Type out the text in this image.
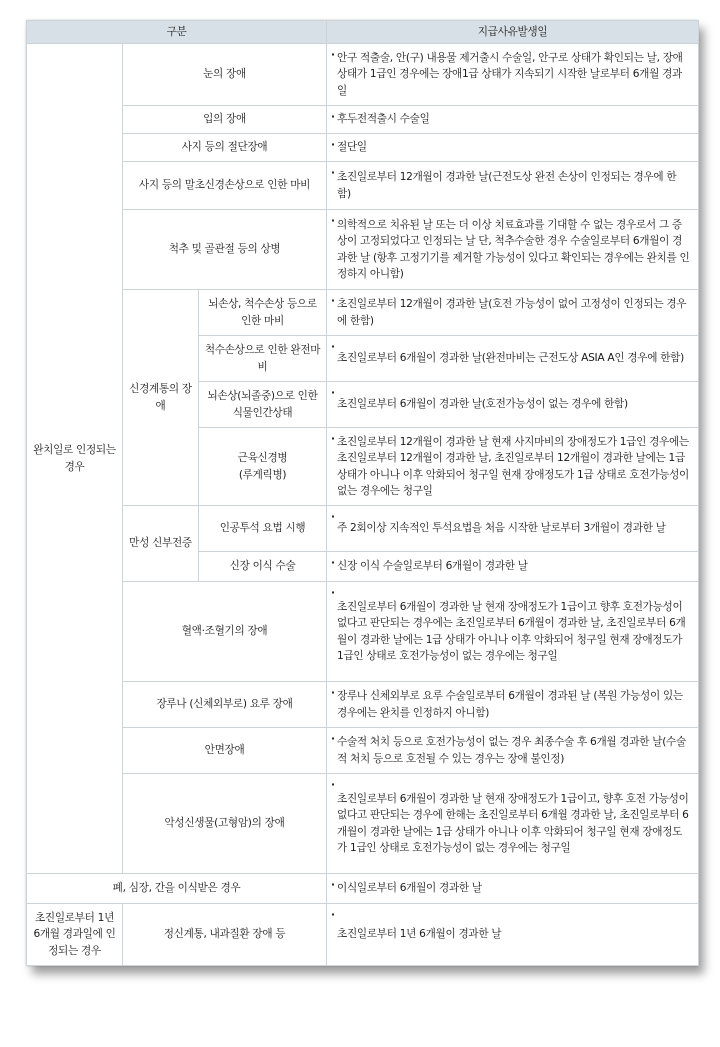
구분			지급사유발생일
완치일로 인정되는 경우	눈의 장애		· 안구 적출술, 안(구) 내용물 제거출시 수술일, 안구로 상태가 확인되는 날, 장애상태가 1급인 경우에는 장애1급 상태가 지속되기 시작한 날로부터 6개월 경과일
	입의 장애		· 후두전적출시 수술일
	사지 등의 절단장애		· 절단일
	사지 등의 말초신경손상으로 인한 마비		· 초진일로부터 12개월이 경과한 날(근전도상 완전 손상이 인정되는 경우에 한함)
	척추 및 골관절 등의 상병		· 의학적으로 치유된 날 또는 더 이상 치료효과를 기대할 수 없는 경우로서 그 증상이 고정되었다고 인정되는 날 단, 척추수술한 경우 수술일로부터 6개월이 경과한 날 (항후 고정기기를 제거할 가능성이 있다고 확인되는 경우에는 완치를 인정하지 아니함)
	신경계통의 장애	뇌손상, 척수손상 등으로 인한 마비	· 초진일로부터 12개월이 경과한 날(호전 가능성이 없어 고정성이 인정되는 경우에 한함)
		척수손상으로 인한 완전마비	· 초진일로부터 6개월이 경과한 날(완전마비는 근전도상 ASIA A인 경우에 한함)
		뇌손상(뇌졸중)으로 인한 식물인간상태	· 초진일로부터 6개월이 경과한 날(호전가능성이 없는 경우에 한함)
		근육신경병
(루게릭병)	· 초진일로부터 12개월이 경과한 날 현재 사지마비의 장애정도가 1급인 경우에는 초진일로부터 12개월이 경과한 날, 초진일로부터 12개월이 경과한 날에는 1급 상태가 아니나 이후 악화되어 청구일 현재 장애정도가 1급 상태로 호전가능성이 없는 경우에는 청구일
	만성 신부전증	인공투석 요법 시행	· 주 2회이상 지속적인 투석요법을 처음 시작한 날로부터 3개월이 경과한 날
		신장 이식 수술	· 신장 이식 수술일로부터 6개월이 경과한 날
	혈액·조혈기의 장애		· 초진일로부터 6개월이 경과한 날 현재 장애정도가 1급이고 향후 호전가능성이 없다고 판단되는 경우에는 초진일로부터 6개월이 경과한 날, 초진일로부터 6개월이 경과한 날에는 1급 상태가 아니나 이후 악화되어 청구일 현재 장애정도가 1급인 상태로 호전가능성이 없는 경우에는 청구일
	장루나 (신체외부로) 요루 장애		· 장루나 신체외부로 요루 수술일로부터 6개월이 경과된 날 (복원 가능성이 있는 경우에는 완치를 인정하지 아니함)
	안면장애		· 수술적 처치 등으로 호전가능성이 없는 경우 최종수술 후 6개월 경과한 날(수술적 처치 등으로 호전될 수 있는 경우는 장애 불인정)
	악성신생물(고형암)의 장애		· 초진일로부터 6개월이 경과한 날 현재 장애정도가 1급이고, 향후 호전 가능성이 없다고 판단되는 경우에 한해는 초진일로부터 6개월 경과한 날, 초진일로부터 6개월이 경과한 날에는 1급 상태가 아니나 이후 악화되어 청구일 현재 장애정도가 1급인 상태로 호전가능성이 없는 경우에는 청구일
폐, 심장, 간을 이식받은 경우			· 이식일로부터 6개월이 경과한 날
초진일로부터 1년 6개월 경과일에 인정되는 경우	정신계통, 내과질환 장애 등		· 초진일로부터 1년 6개월이 경과한 날
